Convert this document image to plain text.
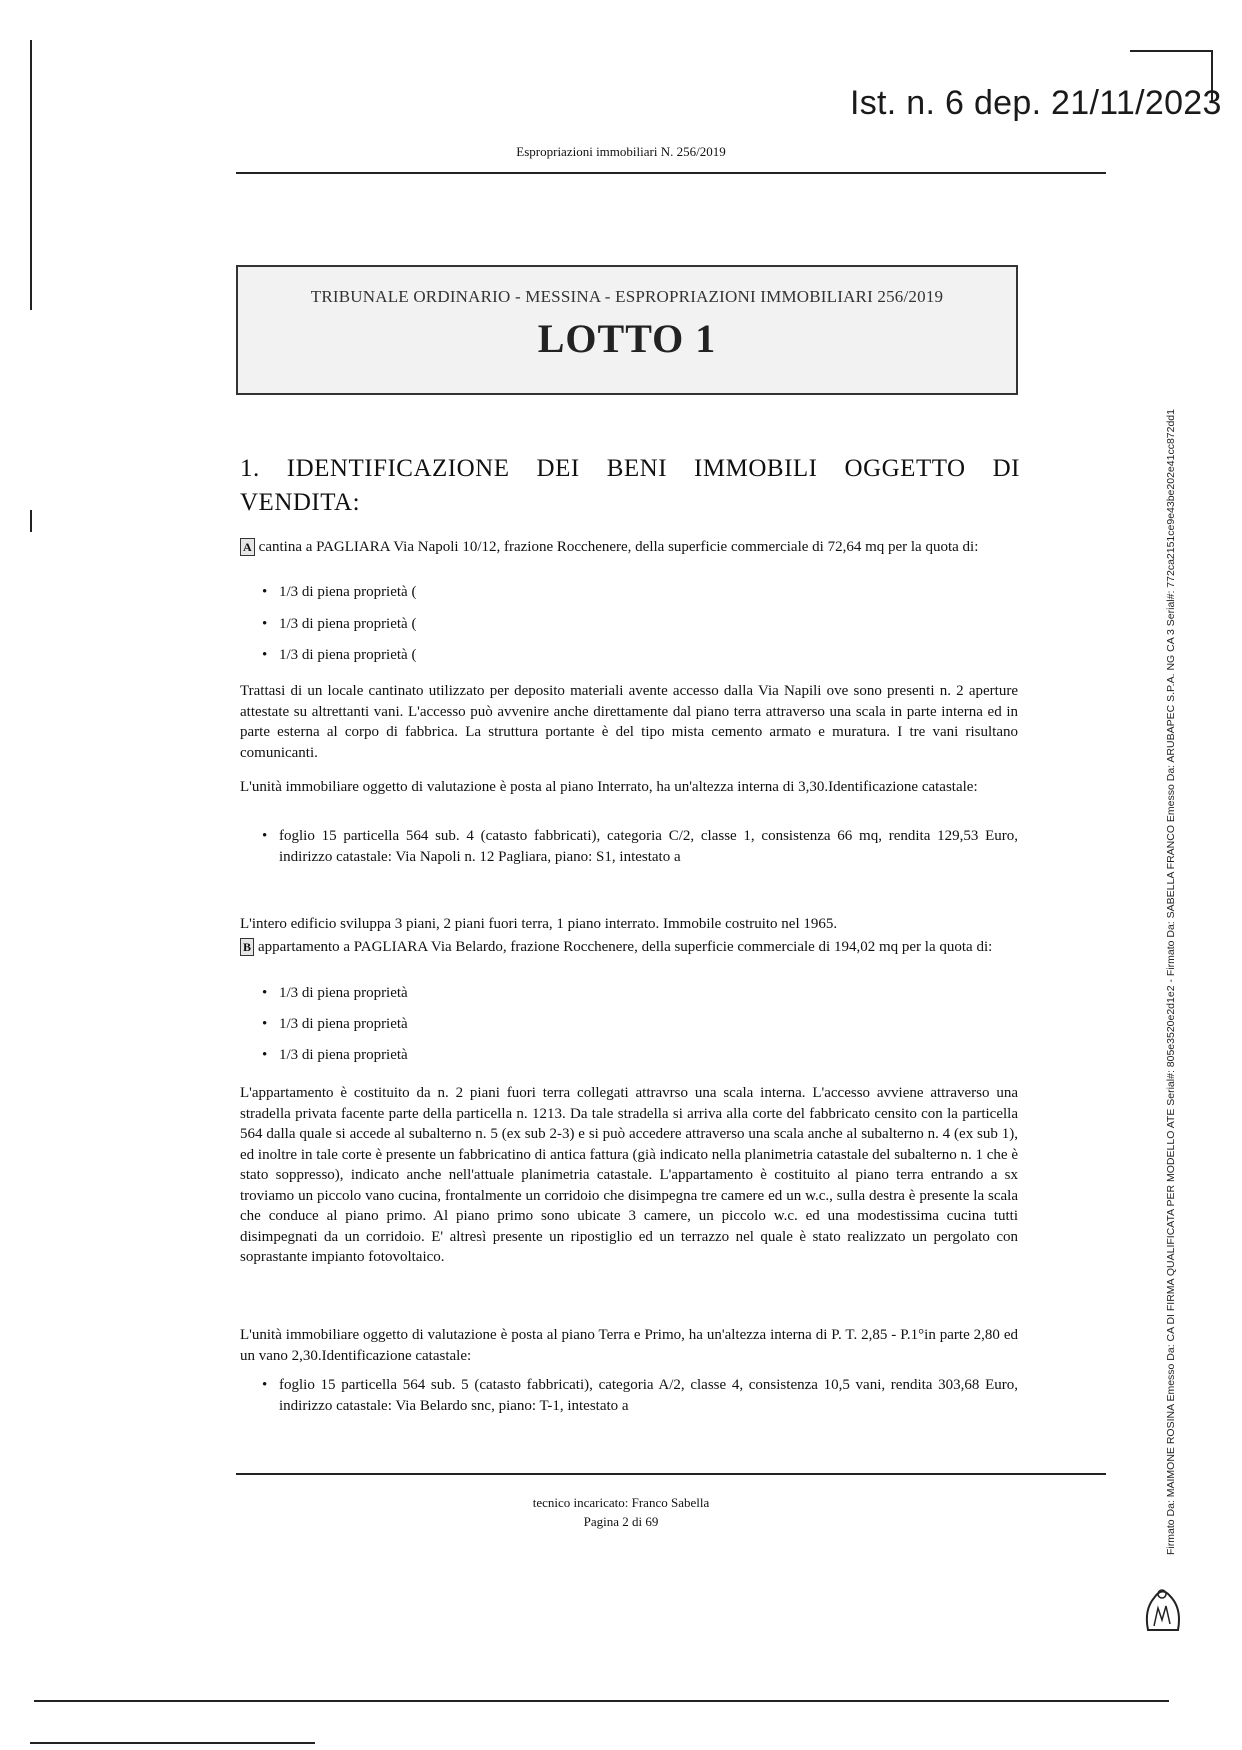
Ist. n. 6 dep. 21/11/2023
Espropriazioni immobiliari N. 256/2019
TRIBUNALE ORDINARIO - MESSINA - ESPROPRIAZIONI IMMOBILIARI 256/2019
LOTTO 1
1. IDENTIFICAZIONE DEI BENI IMMOBILI OGGETTO DI VENDITA:
A cantina a PAGLIARA Via Napoli 10/12, frazione Rocchenere, della superficie commerciale di 72,64 mq per la quota di:
• 1/3 di piena proprietà (
• 1/3 di piena proprietà (
• 1/3 di piena proprietà (
Trattasi di un locale cantinato utilizzato per deposito materiali avente accesso dalla Via Napili ove sono presenti n. 2 aperture attestate su altrettanti vani. L'accesso può avvenire anche direttamente dal piano terra attraverso una scala in parte interna ed in parte esterna al corpo di fabbrica. La struttura portante è del tipo mista cemento armato e muratura. I tre vani risultano comunicanti.
L'unità immobiliare oggetto di valutazione è posta al piano Interrato, ha un'altezza interna di 3,30.Identificazione catastale:
• foglio 15 particella 564 sub. 4 (catasto fabbricati), categoria C/2, classe 1, consistenza 66 mq, rendita 129,53 Euro, indirizzo catastale: Via Napoli n. 12 Pagliara, piano: S1, intestato a
L'intero edificio sviluppa 3 piani, 2 piani fuori terra, 1 piano interrato. Immobile costruito nel 1965.
B appartamento a PAGLIARA Via Belardo, frazione Rocchenere, della superficie commerciale di 194,02 mq per la quota di:
• 1/3 di piena proprietà
• 1/3 di piena proprietà
• 1/3 di piena proprietà
L'appartamento è costituito da n. 2 piani fuori terra collegati attravrso una scala interna. L'accesso avviene attraverso una stradella privata facente parte della particella n. 1213. Da tale stradella si arriva alla corte del fabbricato censito con la particella 564 dalla quale si accede al subalterno n. 5 (ex sub 2-3) e si può accedere attraverso una scala anche al subalterno n. 4 (ex sub 1), ed inoltre in tale corte è presente un fabbricatino di antica fattura (già indicato nella planimetria catastale del subalterno n. 1 che è stato soppresso), indicato anche nell'attuale planimetria catastale. L'appartamento è costituito al piano terra entrando a sx troviamo un piccolo vano cucina, frontalmente un corridoio che disimpegna tre camere ed un w.c., sulla destra è presente la scala che conduce al piano primo. Al piano primo sono ubicate 3 camere, un piccolo w.c. ed una modestissima cucina tutti disimpegnati da un corridoio. E' altresì presente un ripostiglio ed un terrazzo nel quale è stato realizzato un pergolato con soprastante impianto fotovoltaico.
L'unità immobiliare oggetto di valutazione è posta al piano Terra e Primo, ha un'altezza interna di P. T. 2,85 - P.1°in parte 2,80 ed un vano 2,30.Identificazione catastale:
• foglio 15 particella 564 sub. 5 (catasto fabbricati), categoria A/2, classe 4, consistenza 10,5 vani, rendita 303,68 Euro, indirizzo catastale: Via Belardo snc, piano: T-1, intestato a
tecnico incaricato: Franco Sabella
Pagina 2 di 69	Firmato Da: MAIMONE ROSINA Emesso Da: CA DI FIRMA QUALIFICATA PER MODELLO ATE Serial#: 805e3520e2d1e2 - Firmato Da: SABELLA FRANCO Emesso Da: ARUBAPEC S.P.A. NG CA 3 Serial#: 772ca2151ce9e43be202e41cc872dd1
